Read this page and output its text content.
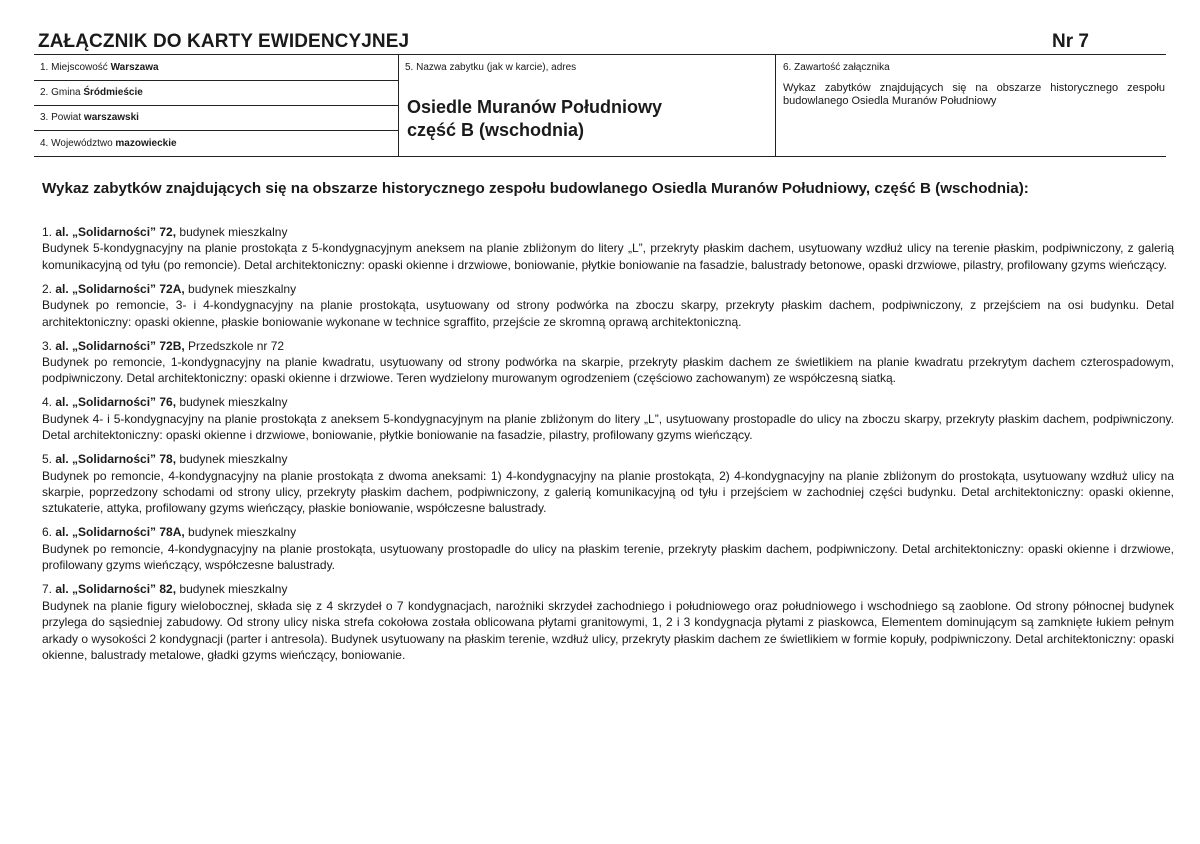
ZAŁĄCZNIK DO KARTY EWIDENCYJNEJ	Nr 7
1. Miejscowość Warszawa
2. Gmina Śródmieście
3. Powiat warszawski
4. Województwo mazowieckie
5. Nazwa zabytku (jak w karcie), adres
Osiedle Muranów Południowy
część B (wschodnia)
6. Zawartość załącznika
Wykaz zabytków znajdujących się na obszarze historycznego zespołu budowlanego Osiedla Muranów Południowy
Wykaz zabytków znajdujących się na obszarze historycznego zespołu budowlanego Osiedla Muranów Południowy, część B (wschodnia):
1. al. „Solidarności” 72, budynek mieszkalny
Budynek 5-kondygnacyjny na planie prostokąta z 5-kondygnacyjnym aneksem na planie zbliżonym do litery „L”, przekryty płaskim dachem, usytuowany wzdłuż ulicy na terenie płaskim, podpiwniczony, z galerią komunikacyjną od tyłu (po remoncie). Detal architektoniczny: opaski okienne i drzwiowe, boniowanie, płytkie boniowanie na fasadzie, balustrady betonowe, opaski drzwiowe, pilastry, profilowany gzyms wieńczący.
2. al. „Solidarności” 72A, budynek mieszkalny
Budynek po remoncie, 3- i 4-kondygnacyjny na planie prostokąta, usytuowany od strony podwórka na zboczu skarpy, przekryty płaskim dachem, podpiwniczony, z przejściem na osi budynku. Detal architektoniczny: opaski okienne, płaskie boniowanie wykonane w technice sgraffito, przejście ze skromną oprawą architektoniczną.
3. al. „Solidarności” 72B, Przedszkole nr 72
Budynek po remoncie, 1-kondygnacyjny na planie kwadratu, usytuowany od strony podwórka na skarpie, przekryty płaskim dachem ze świetlikiem na planie kwadratu przekrytym dachem czterospadowym, podpiwniczony. Detal architektoniczny: opaski okienne i drzwiowe. Teren wydzielony murowanym ogrodzeniem (częściowo zachowanym) ze współczesną siatką.
4. al. „Solidarności” 76, budynek mieszkalny
Budynek 4- i 5-kondygnacyjny na planie prostokąta z aneksem 5-kondygnacyjnym na planie zbliżonym do litery „L”, usytuowany prostopadle do ulicy na zboczu skarpy, przekryty płaskim dachem, podpiwniczony. Detal architektoniczny: opaski okienne i drzwiowe, boniowanie, płytkie boniowanie na fasadzie, pilastry, profilowany gzyms wieńczący.
5. al. „Solidarności” 78, budynek mieszkalny
Budynek po remoncie, 4-kondygnacyjny na planie prostokąta z dwoma aneksami: 1) 4-kondygnacyjny na planie prostokąta, 2) 4-kondygnacyjny na planie zbliżonym do prostokąta, usytuowany wzdłuż ulicy na skarpie, poprzedzony schodami od strony ulicy, przekryty płaskim dachem, podpiwniczony, z galerią komunikacyjną od tyłu i przejściem w zachodniej części budynku. Detal architektoniczny: opaski okienne, sztukaterie, attyka, profilowany gzyms wieńczący, płaskie boniowanie, współczesne balustrady.
6. al. „Solidarności” 78A, budynek mieszkalny
Budynek po remoncie, 4-kondygnacyjny na planie prostokąta, usytuowany prostopadle do ulicy na płaskim terenie, przekryty płaskim dachem, podpiwniczony. Detal architektoniczny: opaski okienne i drzwiowe, profilowany gzyms wieńczący, współczesne balustrady.
7. al. „Solidarności” 82, budynek mieszkalny
Budynek na planie figury wielobocznej, składa się z 4 skrzydeł o 7 kondygnacjach, narożniki skrzydeł zachodniego i południowego oraz południowego i wschodniego są zaoblone. Od strony północnej budynek przylega do sąsiedniej zabudowy. Od strony ulicy niska strefa cokołowa została oblicowana płytami granitowymi, 1, 2 i 3 kondygnacja płytami z piaskowca, Elementem dominującym są zamknięte łukiem pełnym arkady o wysokości 2 kondygnacji (parter i antresola). Budynek usytuowany na płaskim terenie, wzdłuż ulicy, przekryty płaskim dachem ze świetlikiem w formie kopuły, podpiwniczony. Detal architektoniczny: opaski okienne, balustrady metalowe, gładki gzyms wieńczący, boniowanie.
